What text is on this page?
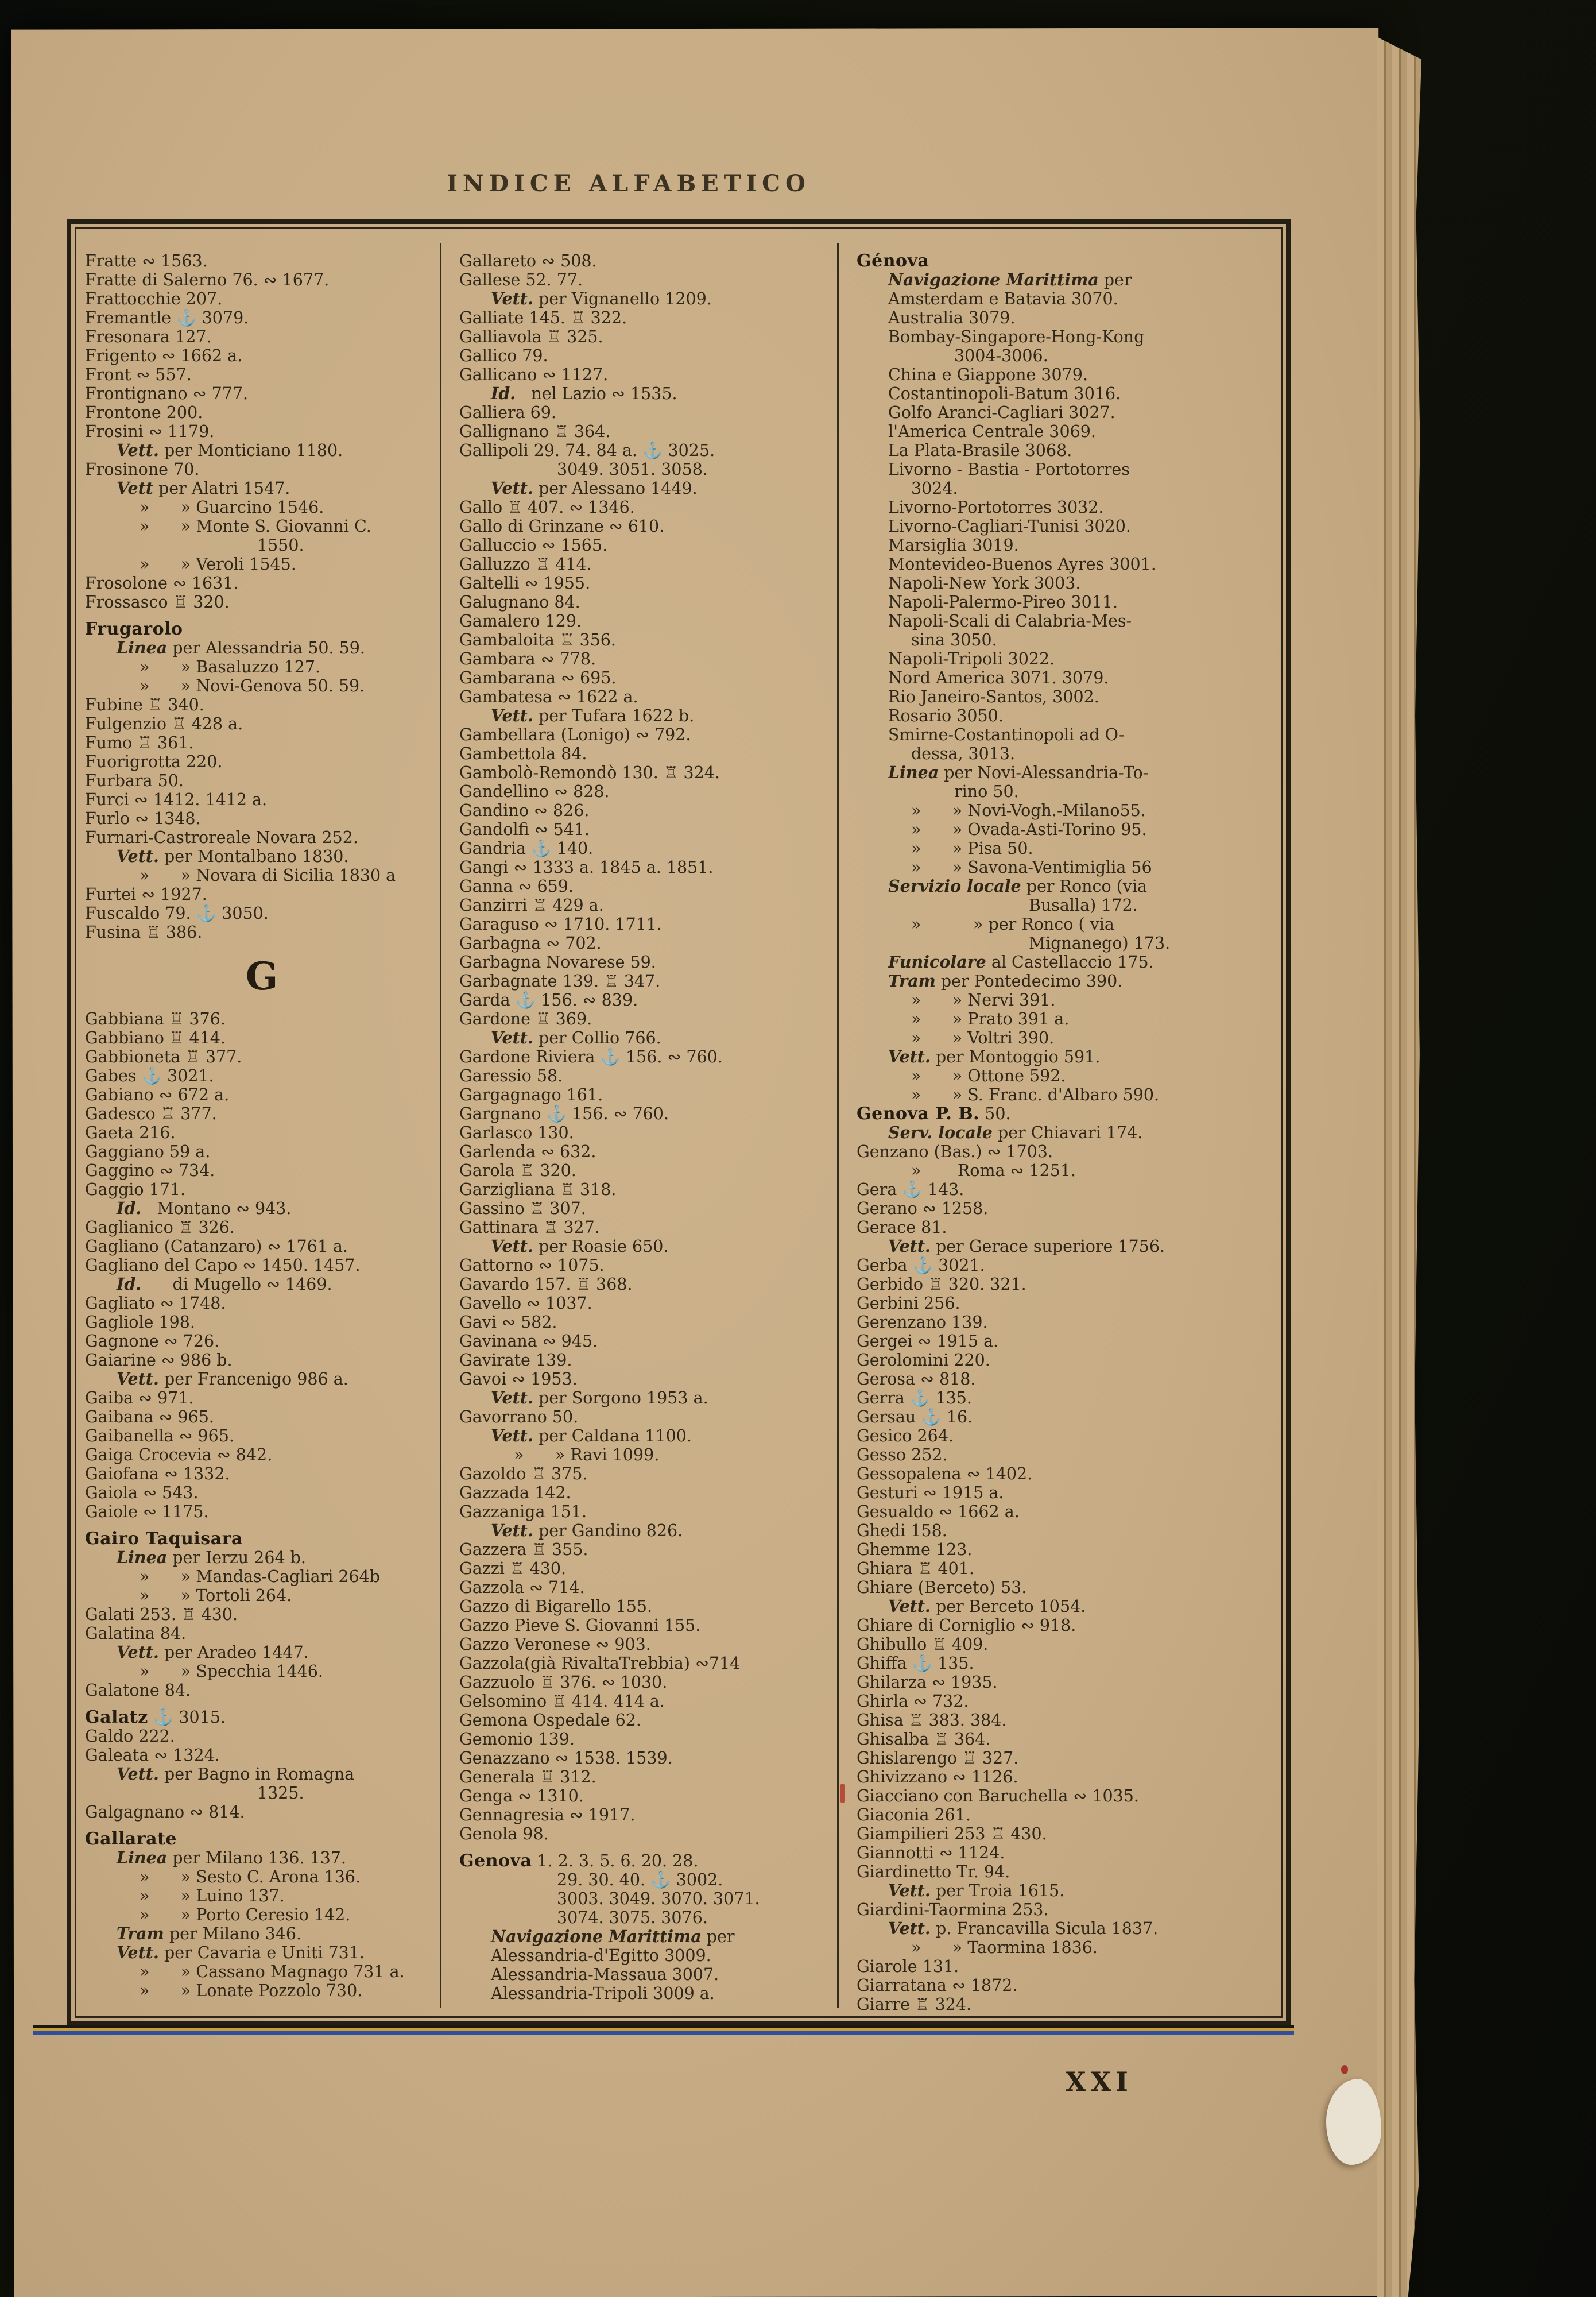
INDICE ALFABETICO
Fratte ∾ 1563.
Fratte di Salerno 76. ∾ 1677.
Frattocchie 207.
Fremantle ⚓ 3079.
Fresonara 127.
Frigento ∾ 1662 a.
Front ∾ 557.
Frontignano ∾ 777.
Frontone 200.
Frosini ∾ 1179.
Vett. per Monticiano 1180.
Frosinone 70.
Vett per Alatri 1547.
»      » Guarcino 1546.
»      » Monte S. Giovanni C.
1550.
»      » Veroli 1545.
Frosolone ∾ 1631.
Frossasco ♖ 320.
Frugarolo
Linea per Alessandria 50. 59.
»      » Basaluzzo 127.
»      » Novi-Genova 50. 59.
Fubine ♖ 340.
Fulgenzio ♖ 428 a.
Fumo ♖ 361.
Fuorigrotta 220.
Furbara 50.
Furci ∾ 1412. 1412 a.
Furlo ∾ 1348.
Furnari-Castroreale Novara 252.
Vett. per Montalbano 1830.
»      » Novara di Sicilia 1830 a
Furtei ∾ 1927.
Fuscaldo 79. ⚓ 3050.
Fusina ♖ 386.
G
Gabbiana ♖ 376.
Gabbiano ♖ 414.
Gabbioneta ♖ 377.
Gabes ⚓ 3021.
Gabiano ∾ 672 a.
Gadesco ♖ 377.
Gaeta 216.
Gaggiano 59 a.
Gaggino ∾ 734.
Gaggio 171.
Id.   Montano ∾ 943.
Gaglianico ♖ 326.
Gagliano (Catanzaro) ∾ 1761 a.
Gagliano del Capo ∾ 1450. 1457.
Id.      di Mugello ∾ 1469.
Gagliato ∾ 1748.
Gagliole 198.
Gagnone ∾ 726.
Gaiarine ∾ 986 b.
Vett. per Francenigo 986 a.
Gaiba ∾ 971.
Gaibana ∾ 965.
Gaibanella ∾ 965.
Gaiga Crocevia ∾ 842.
Gaiofana ∾ 1332.
Gaiola ∾ 543.
Gaiole ∾ 1175.
Gairo Taquisara
Linea per Ierzu 264 b.
»      » Mandas-Cagliari 264b
»      » Tortoli 264.
Galati 253. ♖ 430.
Galatina 84.
Vett. per Aradeo 1447.
»      » Specchia 1446.
Galatone 84.
Galatz ⚓ 3015.
Galdo 222.
Galeata ∾ 1324.
Vett. per Bagno in Romagna
1325.
Galgagnano ∾ 814.
Gallarate
Linea per Milano 136. 137.
»      » Sesto C. Arona 136.
»      » Luino 137.
»      » Porto Ceresio 142.
Tram per Milano 346.
Vett. per Cavaria e Uniti 731.
»      » Cassano Magnago 731 a.
»      » Lonate Pozzolo 730.
Gallareto ∾ 508.
Gallese 52. 77.
Vett. per Vignanello 1209.
Galliate 145. ♖ 322.
Galliavola ♖ 325.
Gallico 79.
Gallicano ∾ 1127.
Id.   nel Lazio ∾ 1535.
Galliera 69.
Gallignano ♖ 364.
Gallipoli 29. 74. 84 a. ⚓ 3025.
3049. 3051. 3058.
Vett. per Alessano 1449.
Gallo ♖ 407. ∾ 1346.
Gallo di Grinzane ∾ 610.
Galluccio ∾ 1565.
Galluzzo ♖ 414.
Galtelli ∾ 1955.
Galugnano 84.
Gamalero 129.
Gambaloita ♖ 356.
Gambara ∾ 778.
Gambarana ∾ 695.
Gambatesa ∾ 1622 a.
Vett. per Tufara 1622 b.
Gambellara (Lonigo) ∾ 792.
Gambettola 84.
Gambolò-Remondò 130. ♖ 324.
Gandellino ∾ 828.
Gandino ∾ 826.
Gandolfi ∾ 541.
Gandria ⚓ 140.
Gangi ∾ 1333 a. 1845 a. 1851.
Ganna ∾ 659.
Ganzirri ♖ 429 a.
Garaguso ∾ 1710. 1711.
Garbagna ∾ 702.
Garbagna Novarese 59.
Garbagnate 139. ♖ 347.
Garda ⚓ 156. ∾ 839.
Gardone ♖ 369.
Vett. per Collio 766.
Gardone Riviera ⚓ 156. ∾ 760.
Garessio 58.
Gargagnago 161.
Gargnano ⚓ 156. ∾ 760.
Garlasco 130.
Garlenda ∾ 632.
Garola ♖ 320.
Garzigliana ♖ 318.
Gassino ♖ 307.
Gattinara ♖ 327.
Vett. per Roasie 650.
Gattorno ∾ 1075.
Gavardo 157. ♖ 368.
Gavello ∾ 1037.
Gavi ∾ 582.
Gavinana ∾ 945.
Gavirate 139.
Gavoi ∾ 1953.
Vett. per Sorgono 1953 a.
Gavorrano 50.
Vett. per Caldana 1100.
»      » Ravi 1099.
Gazoldo ♖ 375.
Gazzada 142.
Gazzaniga 151.
Vett. per Gandino 826.
Gazzera ♖ 355.
Gazzi ♖ 430.
Gazzola ∾ 714.
Gazzo di Bigarello 155.
Gazzo Pieve S. Giovanni 155.
Gazzo Veronese ∾ 903.
Gazzola(già RivaltaTrebbia) ∾714
Gazzuolo ♖ 376. ∾ 1030.
Gelsomino ♖ 414. 414 a.
Gemona Ospedale 62.
Gemonio 139.
Genazzano ∾ 1538. 1539.
Generala ♖ 312.
Genga ∾ 1310.
Gennagresia ∾ 1917.
Genola 98.
Genova 1. 2. 3. 5. 6. 20. 28.
29. 30. 40. ⚓ 3002.
3003. 3049. 3070. 3071.
3074. 3075. 3076.
Navigazione Marittima per
Alessandria-d'Egitto 3009.
Alessandria-Massaua 3007.
Alessandria-Tripoli 3009 a.
Génova
Navigazione Marittima per
Amsterdam e Batavia 3070.
Australia 3079.
Bombay-Singapore-Hong-Kong
3004-3006.
China e Giappone 3079.
Costantinopoli-Batum 3016.
Golfo Aranci-Cagliari 3027.
l'America Centrale 3069.
La Plata-Brasile 3068.
Livorno - Bastia - Portotorres
3024.
Livorno-Portotorres 3032.
Livorno-Cagliari-Tunisi 3020.
Marsiglia 3019.
Montevideo-Buenos Ayres 3001.
Napoli-New York 3003.
Napoli-Palermo-Pireo 3011.
Napoli-Scali di Calabria-Mes-
sina 3050.
Napoli-Tripoli 3022.
Nord America 3071. 3079.
Rio Janeiro-Santos, 3002.
Rosario 3050.
Smirne-Costantinopoli ad O-
dessa, 3013.
Linea per Novi-Alessandria-To-
rino 50.
»      » Novi-Vogh.-Milano55.
»      » Ovada-Asti-Torino 95.
»      » Pisa 50.
»      » Savona-Ventimiglia 56
Servizio locale per Ronco (via
Busalla) 172.
»          » per Ronco ( via
Mignanego) 173.
Funicolare al Castellaccio 175.
Tram per Pontedecimo 390.
»      » Nervi 391.
»      » Prato 391 a.
»      » Voltri 390.
Vett. per Montoggio 591.
»      » Ottone 592.
»      » S. Franc. d'Albaro 590.
Genova P. B. 50.
Serv. locale per Chiavari 174.
Genzano (Bas.) ∾ 1703.
»       Roma ∾ 1251.
Gera ⚓ 143.
Gerano ∾ 1258.
Gerace 81.
Vett. per Gerace superiore 1756.
Gerba ⚓ 3021.
Gerbido ♖ 320. 321.
Gerbini 256.
Gerenzano 139.
Gergei ∾ 1915 a.
Gerolomini 220.
Gerosa ∾ 818.
Gerra ⚓ 135.
Gersau ⚓ 16.
Gesico 264.
Gesso 252.
Gessopalena ∾ 1402.
Gesturi ∾ 1915 a.
Gesualdo ∾ 1662 a.
Ghedi 158.
Ghemme 123.
Ghiara ♖ 401.
Ghiare (Berceto) 53.
Vett. per Berceto 1054.
Ghiare di Corniglio ∾ 918.
Ghibullo ♖ 409.
Ghiffa ⚓ 135.
Ghilarza ∾ 1935.
Ghirla ∾ 732.
Ghisa ♖ 383. 384.
Ghisalba ♖ 364.
Ghislarengo ♖ 327.
Ghivizzano ∾ 1126.
Giacciano con Baruchella ∾ 1035.
Giaconia 261.
Giampilieri 253 ♖ 430.
Giannotti ∾ 1124.
Giardinetto Tr. 94.
Vett. per Troia 1615.
Giardini-Taormina 253.
Vett. p. Francavilla Sicula 1837.
»      » Taormina 1836.
Giarole 131.
Giarratana ∾ 1872.
Giarre ♖ 324.
XXI
